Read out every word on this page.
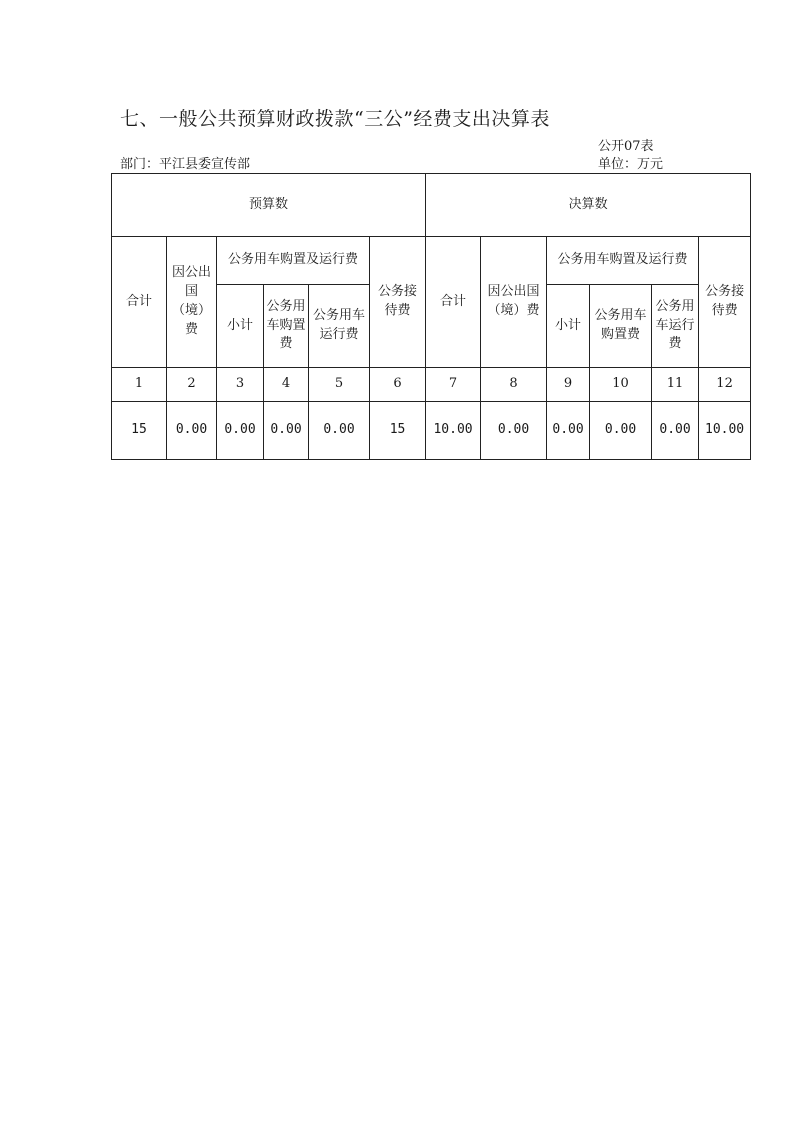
七、一般公共预算财政拨款“三公”经费支出决算表
公开07表
部门：平江县委宣传部	单位：万元
预算数						决算数					
合计	因公出国（境）费	公务用车购置及运行费			公务接待费	合计	因公出国（境）费	公务用车购置及运行费			公务接待费
		小计	公务用车购置费	公务用车运行费				小计	公务用车购置费	公务用车运行费	
1	2	3	4	5	6	7	8	9	10	11	12
15	0.00	0.00	0.00	0.00	15	10.00	0.00	0.00	0.00	0.00	10.00
